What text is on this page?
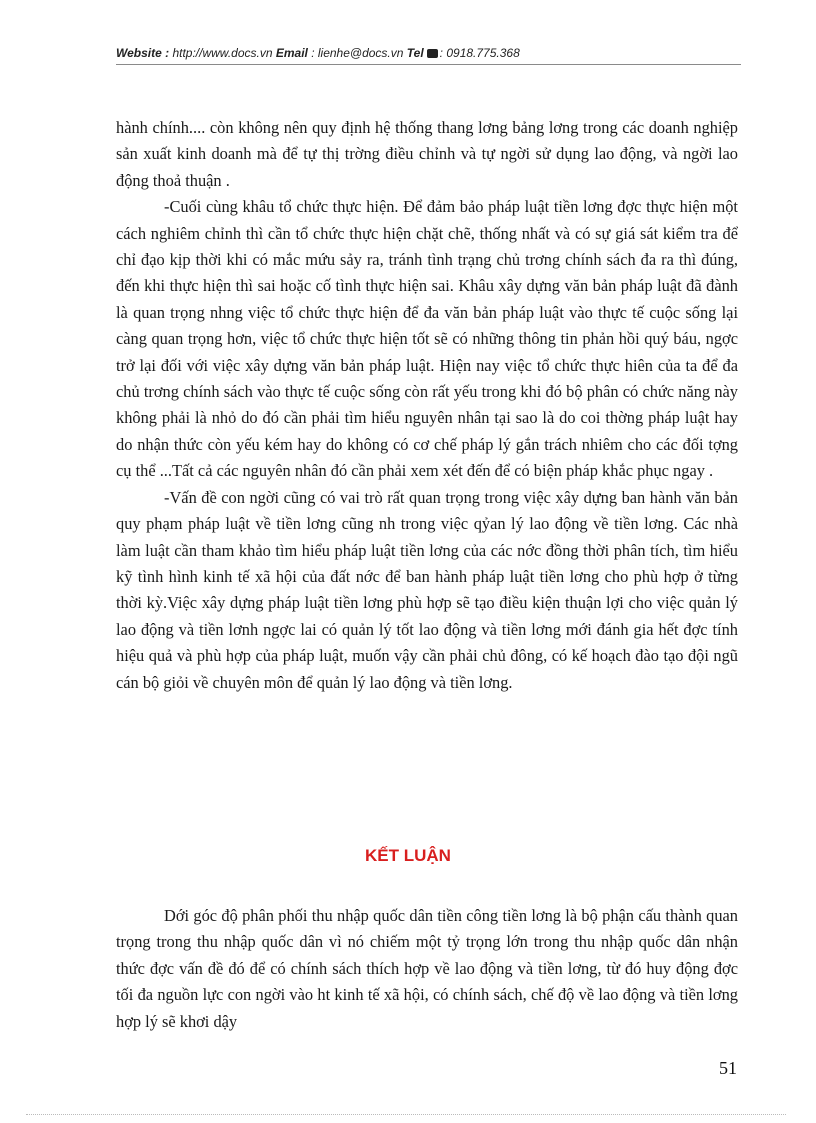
Website : http://www.docs.vn Email : lienhe@docs.vn Tel : 0918.775.368

hành chính.... còn không nên quy định hệ thống thang lơng bảng lơng trong các doanh nghiệp sản xuất kinh doanh mà để tự thị trờng điều chỉnh và tự ngời sử dụng lao động, và ngời lao động thoả thuận .

-Cuối cùng khâu tổ chức thực hiện. Để đảm bảo pháp luật tiền lơng đợc thực hiện một cách nghiêm chỉnh thì cần tổ chức thực hiện chặt chẽ, thống nhất và có sự giá sát kiểm tra để chỉ đạo kịp thời khi có mắc mứu sảy ra, tránh tình trạng chủ trơng chính sách đa ra thì đúng, đến khi thực hiện thì sai hoặc cố tình thực hiện sai. Khâu xây dựng văn bản pháp luật đã đành là quan trọng nhng việc tổ chức thực hiện để đa văn bản pháp luật vào thực tế cuộc sống lại càng quan trọng hơn, việc tổ chức thực hiện tốt sẽ có những thông tin phản hồi quý báu, ngợc trở lại đối với việc xây dựng văn bản pháp luật. Hiện nay việc tổ chức thực hiên của ta để đa chủ trơng chính sách vào thực tế cuộc sống còn rất yếu trong khi đó bộ phân có chức năng này không phải là nhỏ do đó cần phải tìm hiểu nguyên nhân tại sao là do coi thờng pháp luật hay do nhận thức còn yếu kém hay do không có cơ chế pháp lý gắn trách nhiêm cho các đối tợng cụ thể ...Tất cả các nguyên nhân đó cần phải xem xét đến để có biện pháp khắc phục ngay .

-Vấn đề con ngời cũng có vai trò rất quan trọng trong việc xây dựng ban hành văn bản quy phạm pháp luật về tiền lơng cũng nh trong việc qỷan lý lao động về tiền lơng. Các nhà làm luật cần tham khảo tìm hiểu pháp luật tiền lơng của các nớc đồng thời phân tích, tìm hiểu kỹ tình hình kinh tế xã hội của đất nớc để ban hành pháp luật tiền lơng cho phù hợp ở từng thời kỳ.Việc xây dựng pháp luật tiền lơng phù hợp sẽ tạo điều kiện thuận lợi cho việc quản lý lao động và tiền lơnh ngợc lai có quản lý tốt lao động và tiền lơng mới đánh gia hết đợc tính hiệu quả và phù hợp của pháp luật, muốn vậy cần phải chủ đông, có kế hoạch đào tạo đội ngũ cán bộ giỏi về chuyên môn để quản lý lao động và tiền lơng.

KẾT LUẬN

Dới góc độ phân phối thu nhập quốc dân tiền công tiền lơng là bộ phận cấu thành quan trọng trong thu nhập quốc dân vì nó chiếm một tỷ trọng lớn trong thu nhập quốc dân nhận thức đợc vấn đề đó để có chính sách thích hợp về lao động và tiền lơng, từ đó huy động đợc tối đa nguồn lực con ngời vào ht kinh tế xã hội, có chính sách, chế độ về lao động và tiền lơng hợp lý sẽ khơi dậy

51
